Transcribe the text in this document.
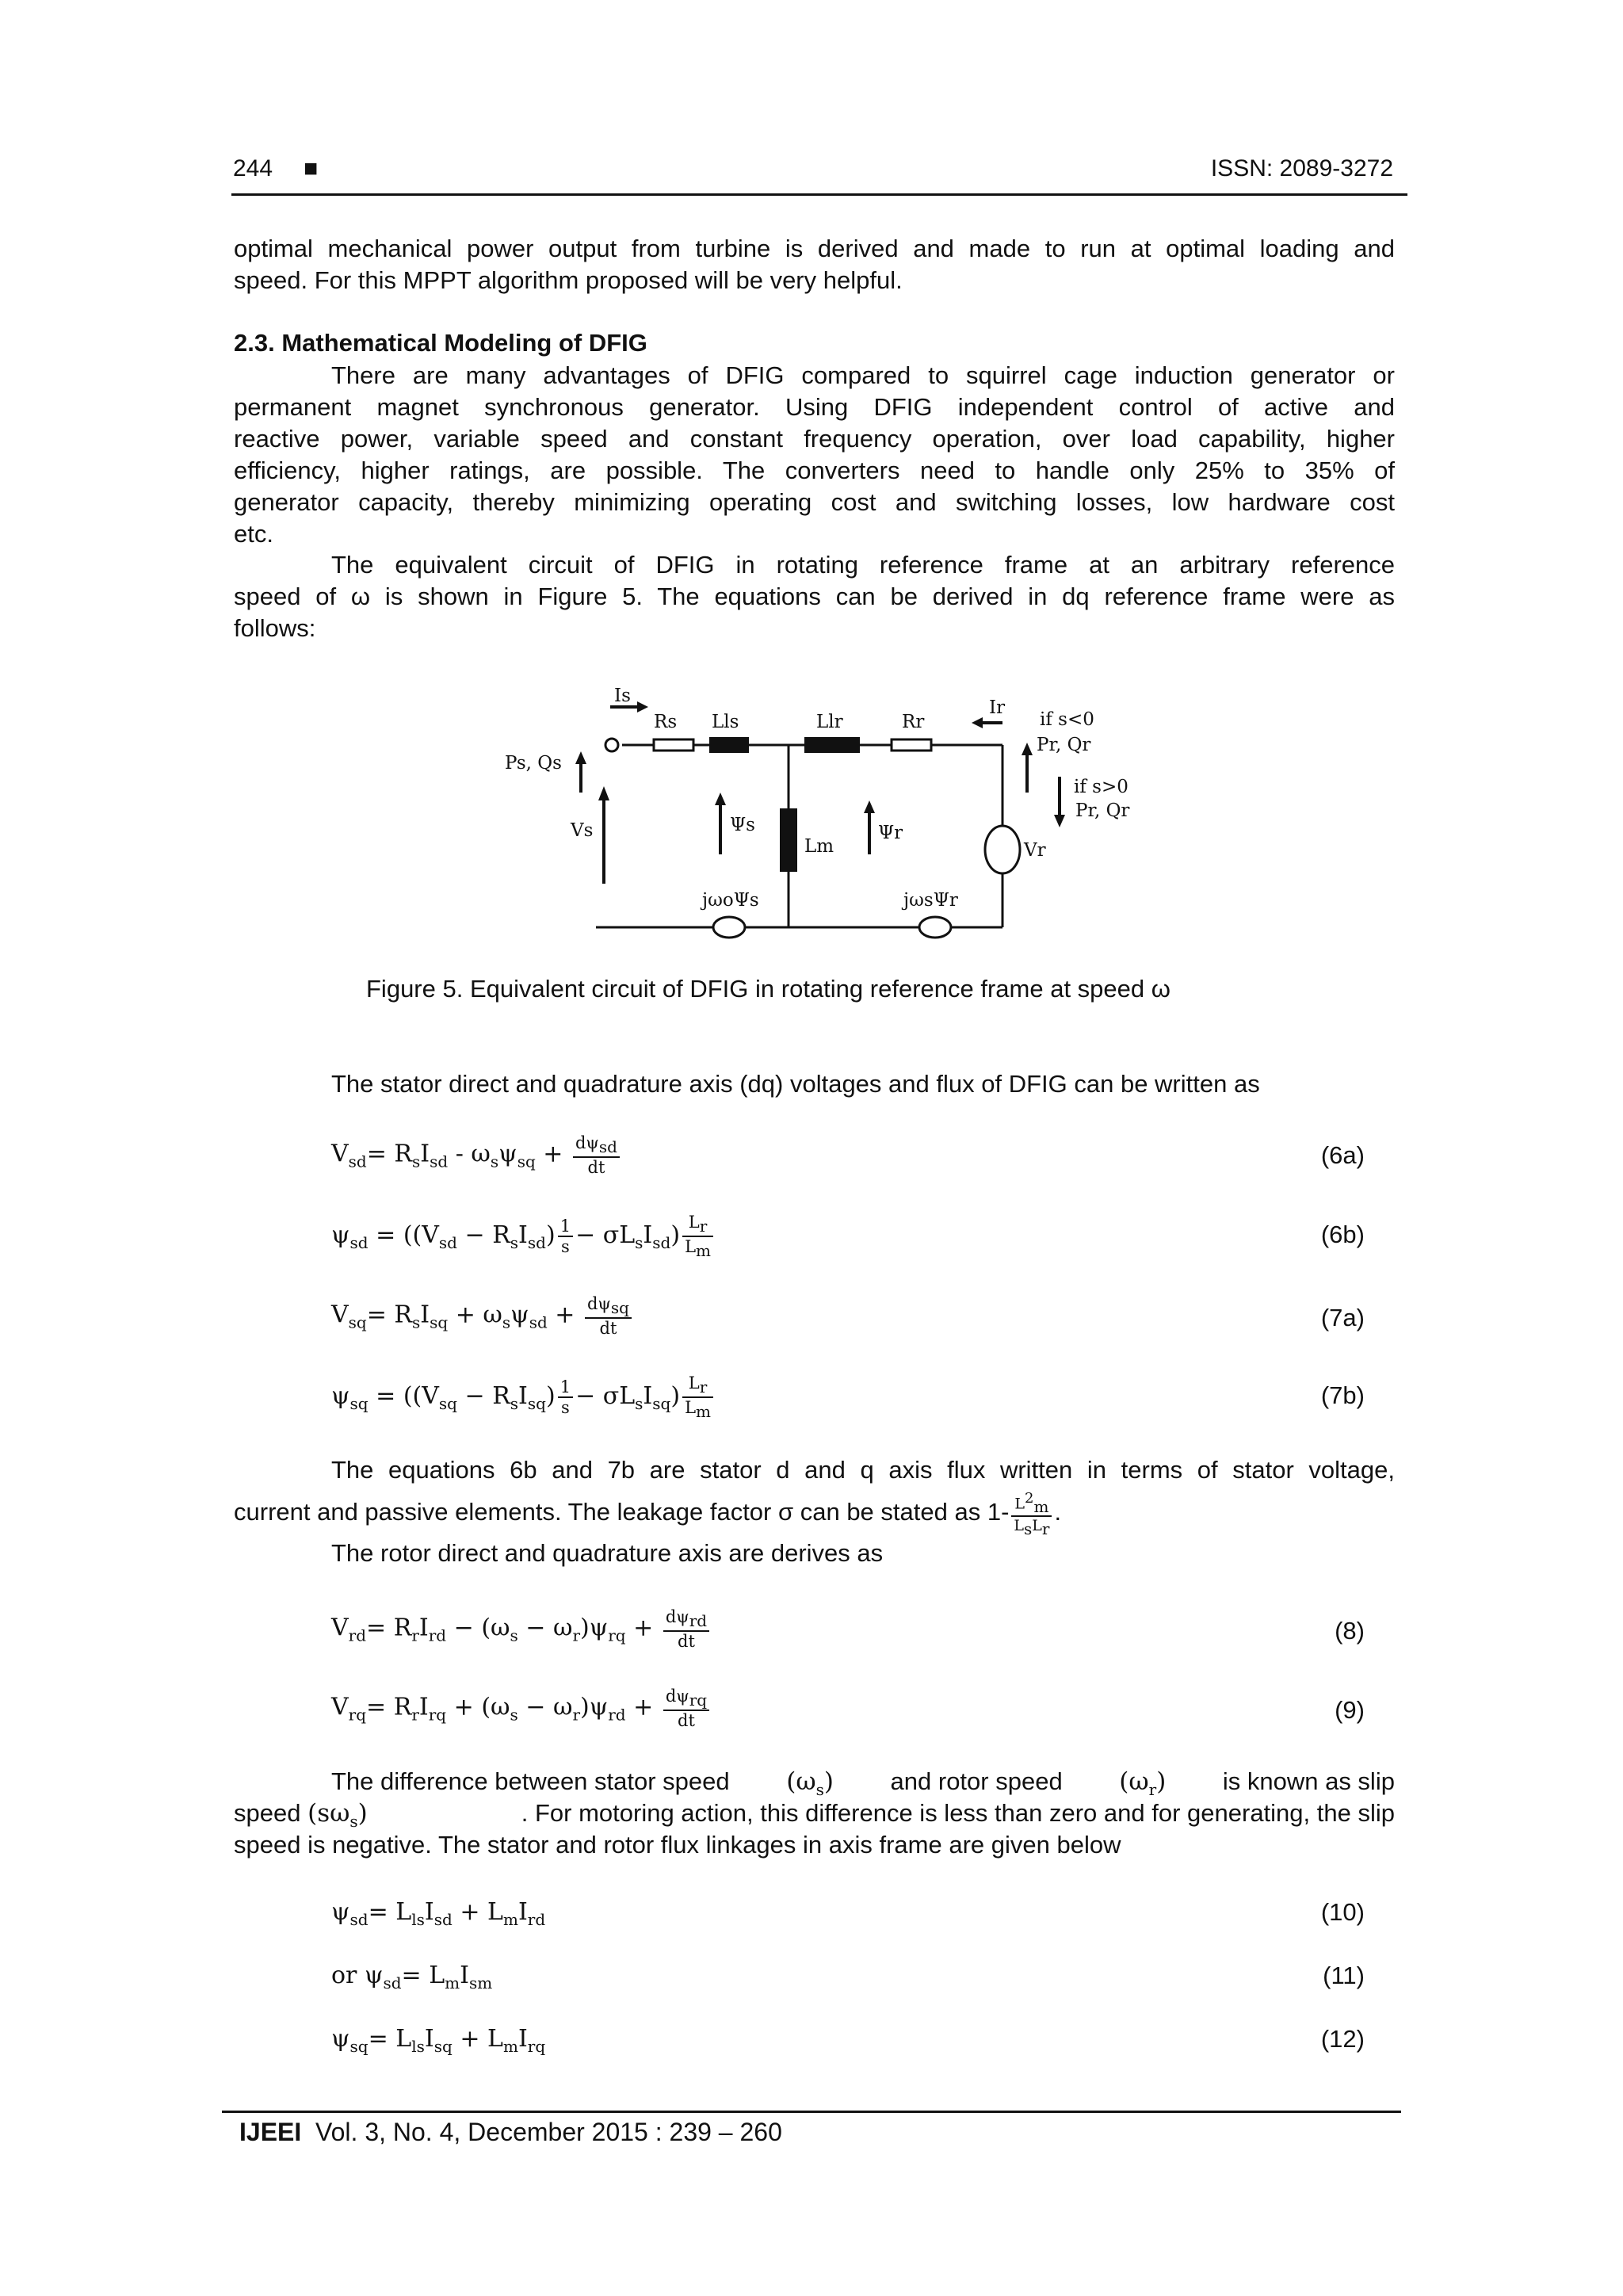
244 ■	ISSN: 2089-3272
optimal mechanical power output from turbine is derived and made to run at optimal loading and
speed. For this MPPT algorithm proposed will be very helpful.
2.3. Mathematical Modeling of DFIG
There are many advantages of DFIG compared to squirrel cage induction generator or
permanent magnet synchronous generator. Using DFIG independent control of active and
reactive power, variable speed and constant frequency operation, over load capability, higher
efficiency, higher ratings, are possible. The converters need to handle only 25% to 35% of
generator capacity, thereby minimizing operating cost and switching losses, low hardware cost
etc.
The equivalent circuit of DFIG in rotating reference frame at an arbitrary reference
speed of ω is shown in Figure 5. The equations can be derived in dq reference frame were as
follows:
Is
Rs Lls	Llr	Rr
Ir
Ps, Qs
Vs	Ψs
Lm
Ψr
Vr
if s<0
Pr, Qr
if s>0
Pr, Qr
jωoΨs	jωsΨr
Figure 5. Equivalent circuit of DFIG in rotating reference frame at speed ω
The stator direct and quadrature axis (dq) voltages and flux of DFIG can be written as
$V_{sd}= R_sI_{sd} - \omega_s\psi_{sq} + \frac{d\psi_{sd}}{dt}$	(6a)
$\psi_{sd} = ((V_{sd} - R_sI_{sd}) \frac{1}{s} - \sigma L_sI_{sd}) \frac{L_r}{L_m}$	(6b)
$V_{sq}= R_sI_{sq} + \omega_s\psi_{sd} + \frac{d\psi_{sq}}{dt}$	(7a)
$\psi_{sq} = ((V_{sq} - R_sI_{sq}) \frac{1}{s} - \sigma L_sI_{sq}) \frac{L_r}{L_m}$	(7b)
The equations 6b and 7b are stator d and q axis flux written in terms of stator voltage,
current and passive elements. The leakage factor σ can be stated as $1- \frac{L^2_m}{L_sL_r}$ .
The rotor direct and quadrature axis are derives as
$V_{rd}= R_rI_{rd} - (\omega_s - \omega_r)\psi_{rq} + \frac{d\psi_{rd}}{dt}$	(8)
$V_{rq}= R_rI_{rq} + (\omega_s - \omega_r)\psi_{rd} + \frac{d\psi_{rq}}{dt}$	(9)
The difference between stator speed $(\omega_s)$ and rotor speed $(\omega_r)$ is known as slip
speed $(s\omega_s)$	. For motoring action, this difference is less than zero and for generating, the slip
speed is negative. The stator and rotor flux linkages in axis frame are given below
$\psi_{sd}= L_{ls}I_{sd} + L_mI_{rd}$	(10)
or $\psi_{sd}= L_mI_{sm}$	(11)
$\psi_{sq}= L_{ls}I_{sq} + L_mI_{rq}$	(12)
IJEEI Vol. 3, No. 4, December 2015 : 239 – 260
